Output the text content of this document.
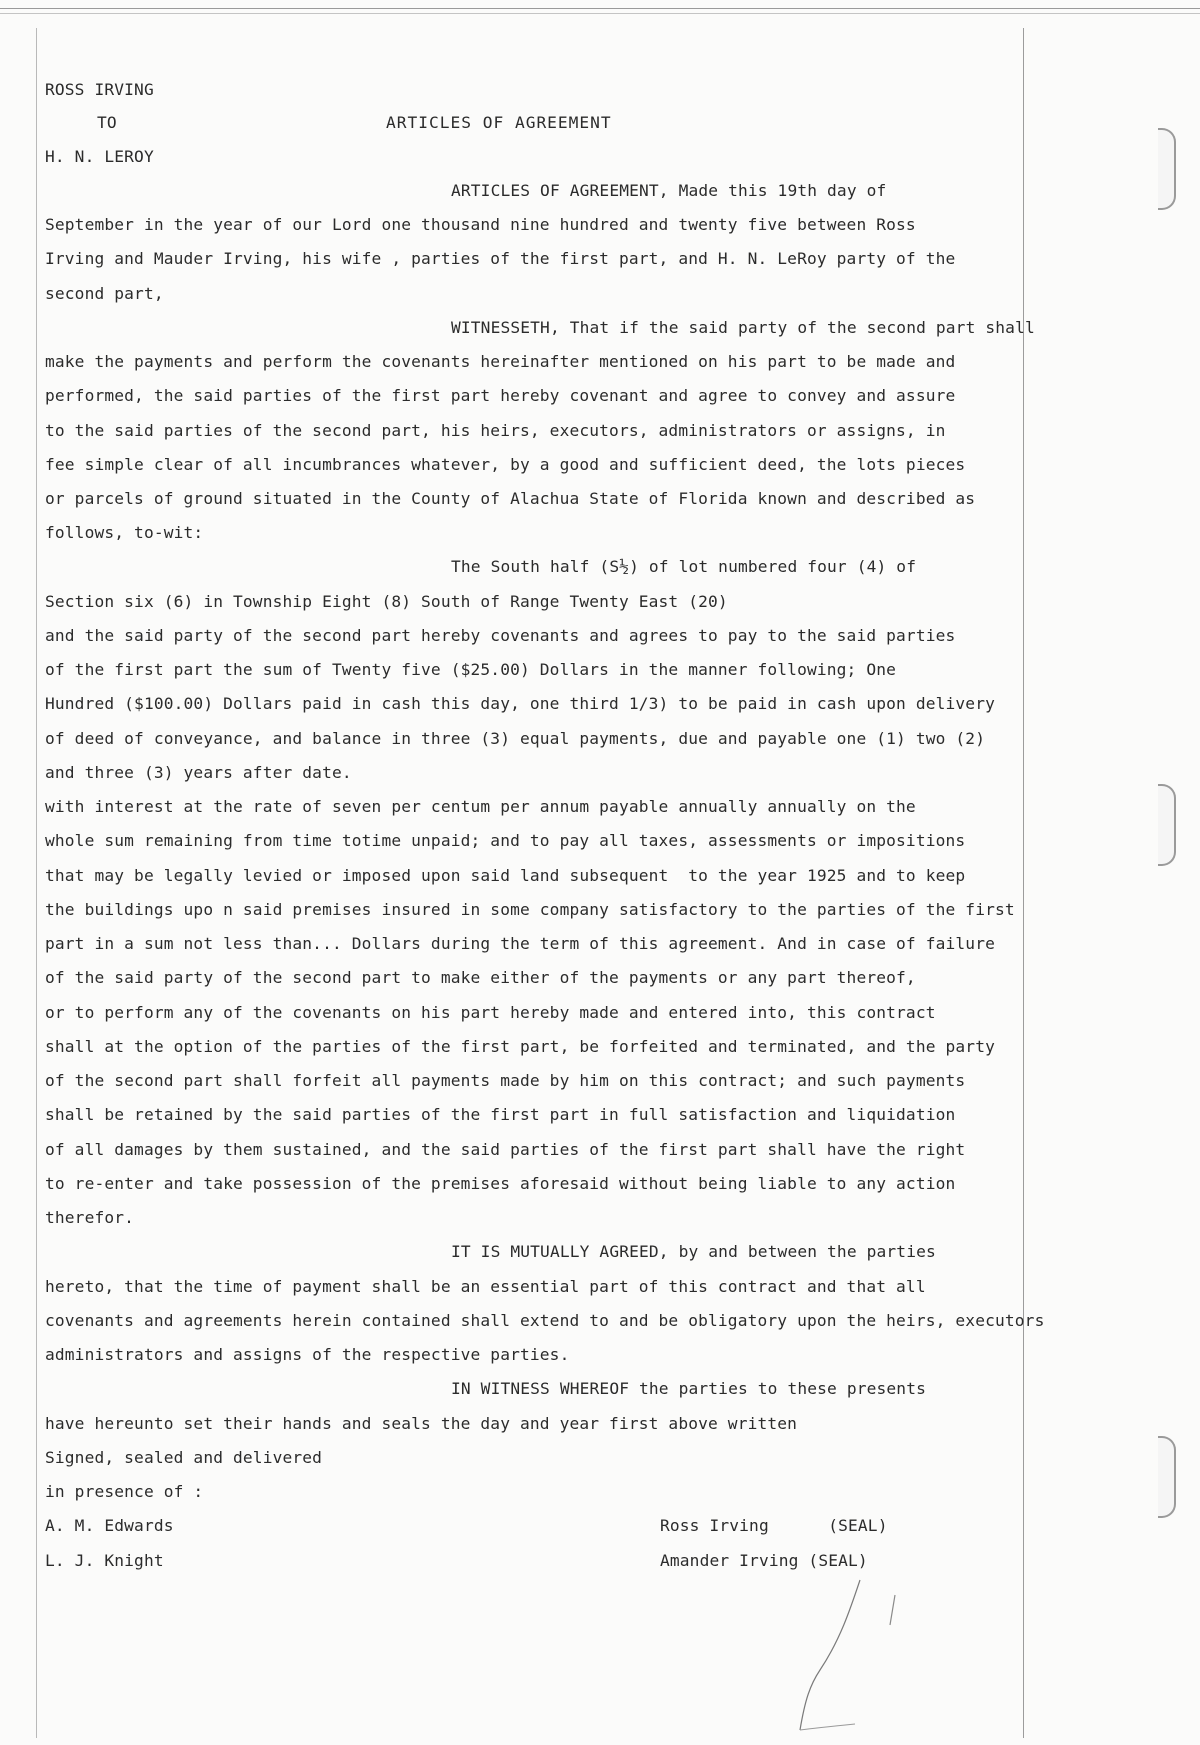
ROSS IRVING
TO	ARTICLES OF AGREEMENT
H. N. LEROY
ARTICLES OF AGREEMENT, Made this 19th day of
September in the year of our Lord one thousand nine hundred and twenty five between Ross
Irving and Mauder Irving, his wife , parties of the first part, and H. N. LeRoy party of the
second part,
WITNESSETH, That if the said party of the second part shall
make the payments and perform the covenants hereinafter mentioned on his part to be made and
performed, the said parties of the first part hereby covenant and agree to convey and assure
to the said parties of the second part, his heirs, executors, administrators or assigns, in
fee simple clear of all incumbrances whatever, by a good and sufficient deed, the lots pieces
or parcels of ground situated in the County of Alachua State of Florida known and described as
follows, to-wit:
The South half (S½) of lot numbered four (4) of
Section six (6) in Township Eight (8) South of Range Twenty East (20)
and the said party of the second part hereby covenants and agrees to pay to the said parties
of the first part the sum of Twenty five ($25.00) Dollars in the manner following; One
Hundred ($100.00) Dollars paid in cash this day, one third 1/3) to be paid in cash upon delivery
of deed of conveyance, and balance in three (3) equal payments, due and payable one (1) two (2)
and three (3) years after date.
with interest at the rate of seven per centum per annum payable annually annually on the
whole sum remaining from time totime unpaid; and to pay all taxes, assessments or impositions
that may be legally levied or imposed upon said land subsequent  to the year 1925 and to keep
the buildings upo n said premises insured in some company satisfactory to the parties of the first
part in a sum not less than... Dollars during the term of this agreement. And in case of failure
of the said party of the second part to make either of the payments or any part thereof,
or to perform any of the covenants on his part hereby made and entered into, this contract
shall at the option of the parties of the first part, be forfeited and terminated, and the party
of the second part shall forfeit all payments made by him on this contract; and such payments
shall be retained by the said parties of the first part in full satisfaction and liquidation
of all damages by them sustained, and the said parties of the first part shall have the right
to re-enter and take possession of the premises aforesaid without being liable to any action
therefor.
IT IS MUTUALLY AGREED, by and between the parties
hereto, that the time of payment shall be an essential part of this contract and that all
covenants and agreements herein contained shall extend to and be obligatory upon the heirs, executors
administrators and assigns of the respective parties.
IN WITNESS WHEREOF the parties to these presents
have hereunto set their hands and seals the day and year first above written
Signed, sealed and delivered
in presence of :
A. M. Edwards	Ross Irving      (SEAL)
L. J. Knight	Amander Irving (SEAL)
